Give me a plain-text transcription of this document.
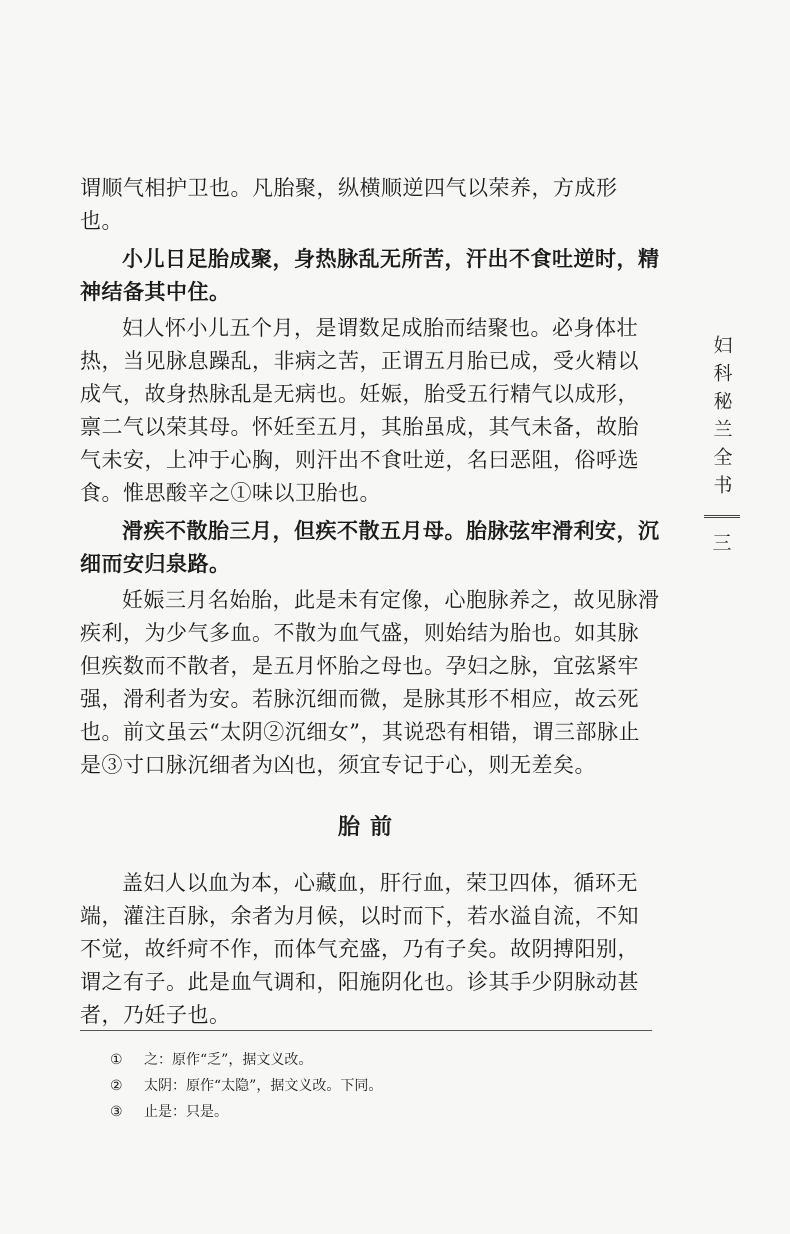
谓顺气相护卫也。凡胎聚，纵横顺逆四气以荣养，方成形也。

小儿日足胎成聚，身热脉乱无所苦，汗出不食吐逆时，精神结备其中住。

妇人怀小儿五个月，是谓数足成胎而结聚也。必身体壮热，当见脉息躁乱，非病之苦，正谓五月胎已成，受火精以成气，故身热脉乱是无病也。妊娠，胎受五行精气以成形，禀二气以荣其母。怀妊至五月，其胎虽成，其气未备，故胎气未安，上冲于心胸，则汗出不食吐逆，名曰恶阻，俗呼选食。惟思酸辛之①味以卫胎也。

滑疾不散胎三月，但疾不散五月母。胎脉弦牢滑利安，沉细而安归泉路。

妊娠三月名始胎，此是未有定像，心胞脉养之，故见脉滑疾利，为少气多血。不散为血气盛，则始结为胎也。如其脉但疾数而不散者，是五月怀胎之母也。孕妇之脉，宜弦紧牢强，滑利者为安。若脉沉细而微，是脉其形不相应，故云死也。前文虽云“太阴②沉细女”，其说恐有相错，谓三部脉止是③寸口脉沉细者为凶也，须宜专记于心，则无差矣。

胎前

盖妇人以血为本，心藏血，肝行血，荣卫四体，循环无端，灌注百脉，余者为月候，以时而下，若水溢自流，不知不觉，故纤疴不作，而体气充盛，乃有子矣。故阴搏阳别，谓之有子。此是血气调和，阳施阴化也。诊其手少阴脉动甚者，乃妊子也。

①	之：原作“乏”，据文义改。
②	太阴：原作“太隐”，据文义改。下同。
③	止是：只是。
妇科秘兰全书
三
